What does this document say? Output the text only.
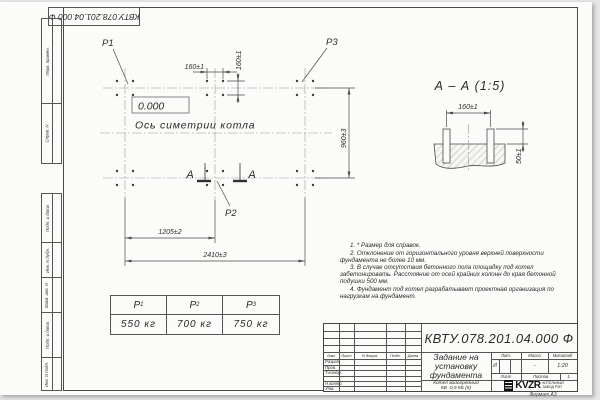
КВТУ.078.201.04.000 Ф
Перв. примен.
Справ. N
Подп. и дата
Инв. N дубл.
Взам. инв. N
Подп. и дата
Инв. N подл.
160±1	160±1
960±3
1205±2
2410±3
P1	P3
P2
А	А
0.000
Ось симетрии котла
А – А (1:5)
160±1
50±1
P 1	P 2	P 3
550 кг	700 кг	750 кг

1. * Размер для справок.

2. Отклонение от горизонтального уровня верхней поверхности фундамента не более 10 мм.

3. В случае отсутствия бетонного пола площадку под котел забетонировать. Расстояние от осей крайних колонн до края бетонной подушки 500 мм.

4. Фундамент под котел разрабатывает проектная организация по нагрузкам на фундамент.

Изм.	Лист	N докум.	Подп.	Дата
Разраб.
Пров.
Т.контр.
Н.контр.
Утв.
КВТУ.078.201.04.000 Ф
Задание на установку фундамента
Котел водогрейный
КВ -0,9 КБ (К)
Лит.	Масса	Масштаб
И	-	1:20
Лист	Листов	1
KVZR КОТЕЛЬНЫЙ
ЗАВОД РЭП
Формат А3
